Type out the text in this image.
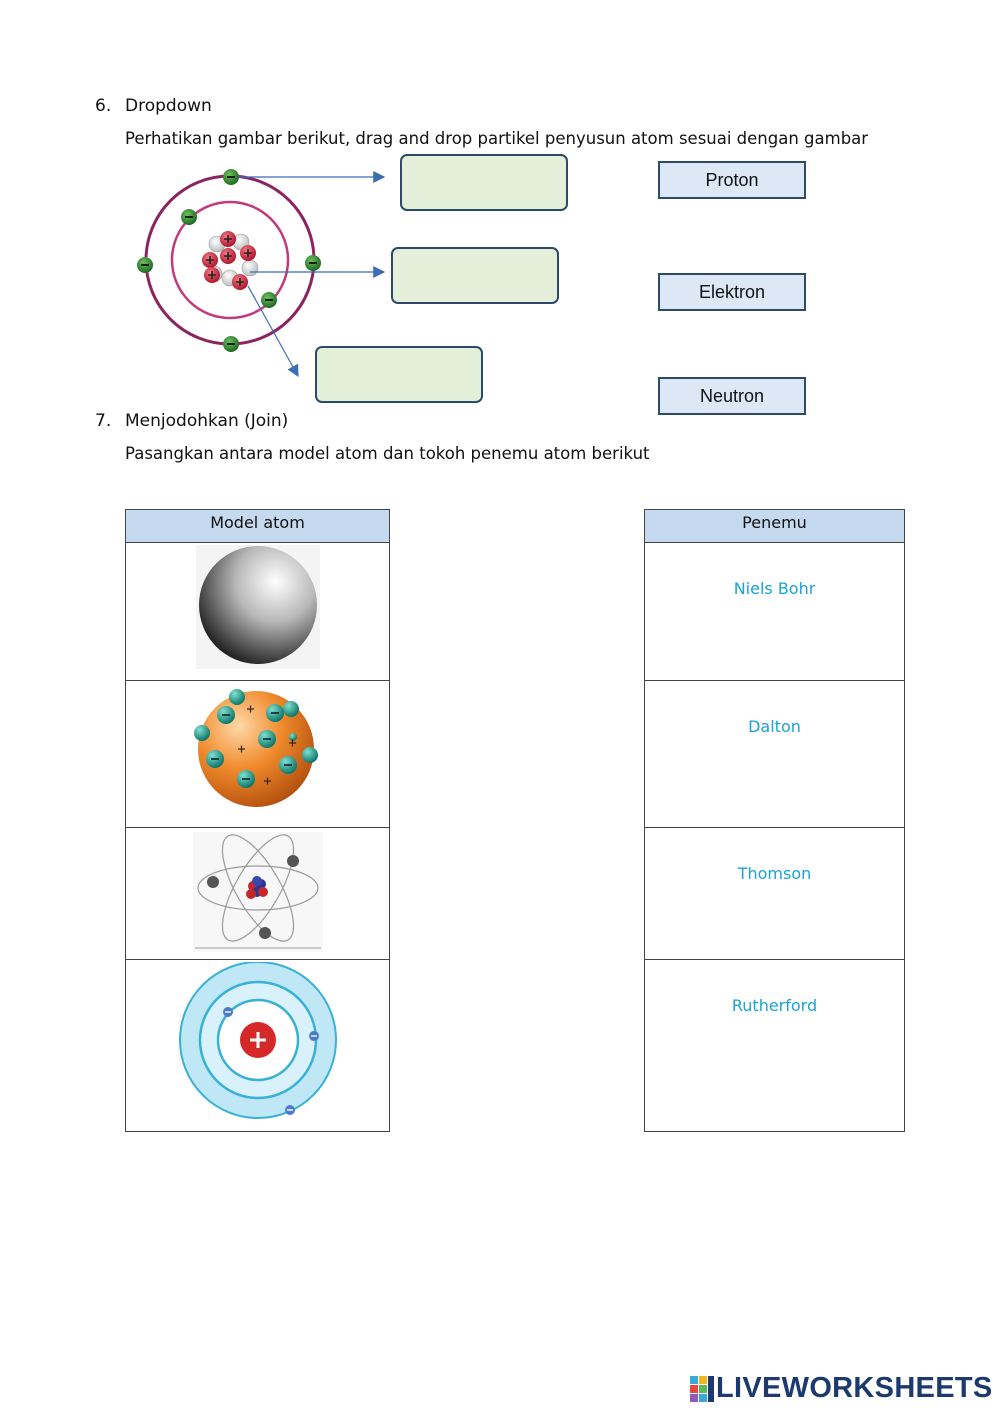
6. Dropdown
Perhatikan gambar berikut, drag and drop partikel penyusun atom sesuai dengan gambar
Proton
Elektron
Neutron
7. Menjodohkan (Join)
Pasangkan antara model atom dan tokoh penemu atom berikut
Model atom	Penemu
Niels Bohr
Dalton
Thomson
Rutherford
LIVEWORKSHEETS
